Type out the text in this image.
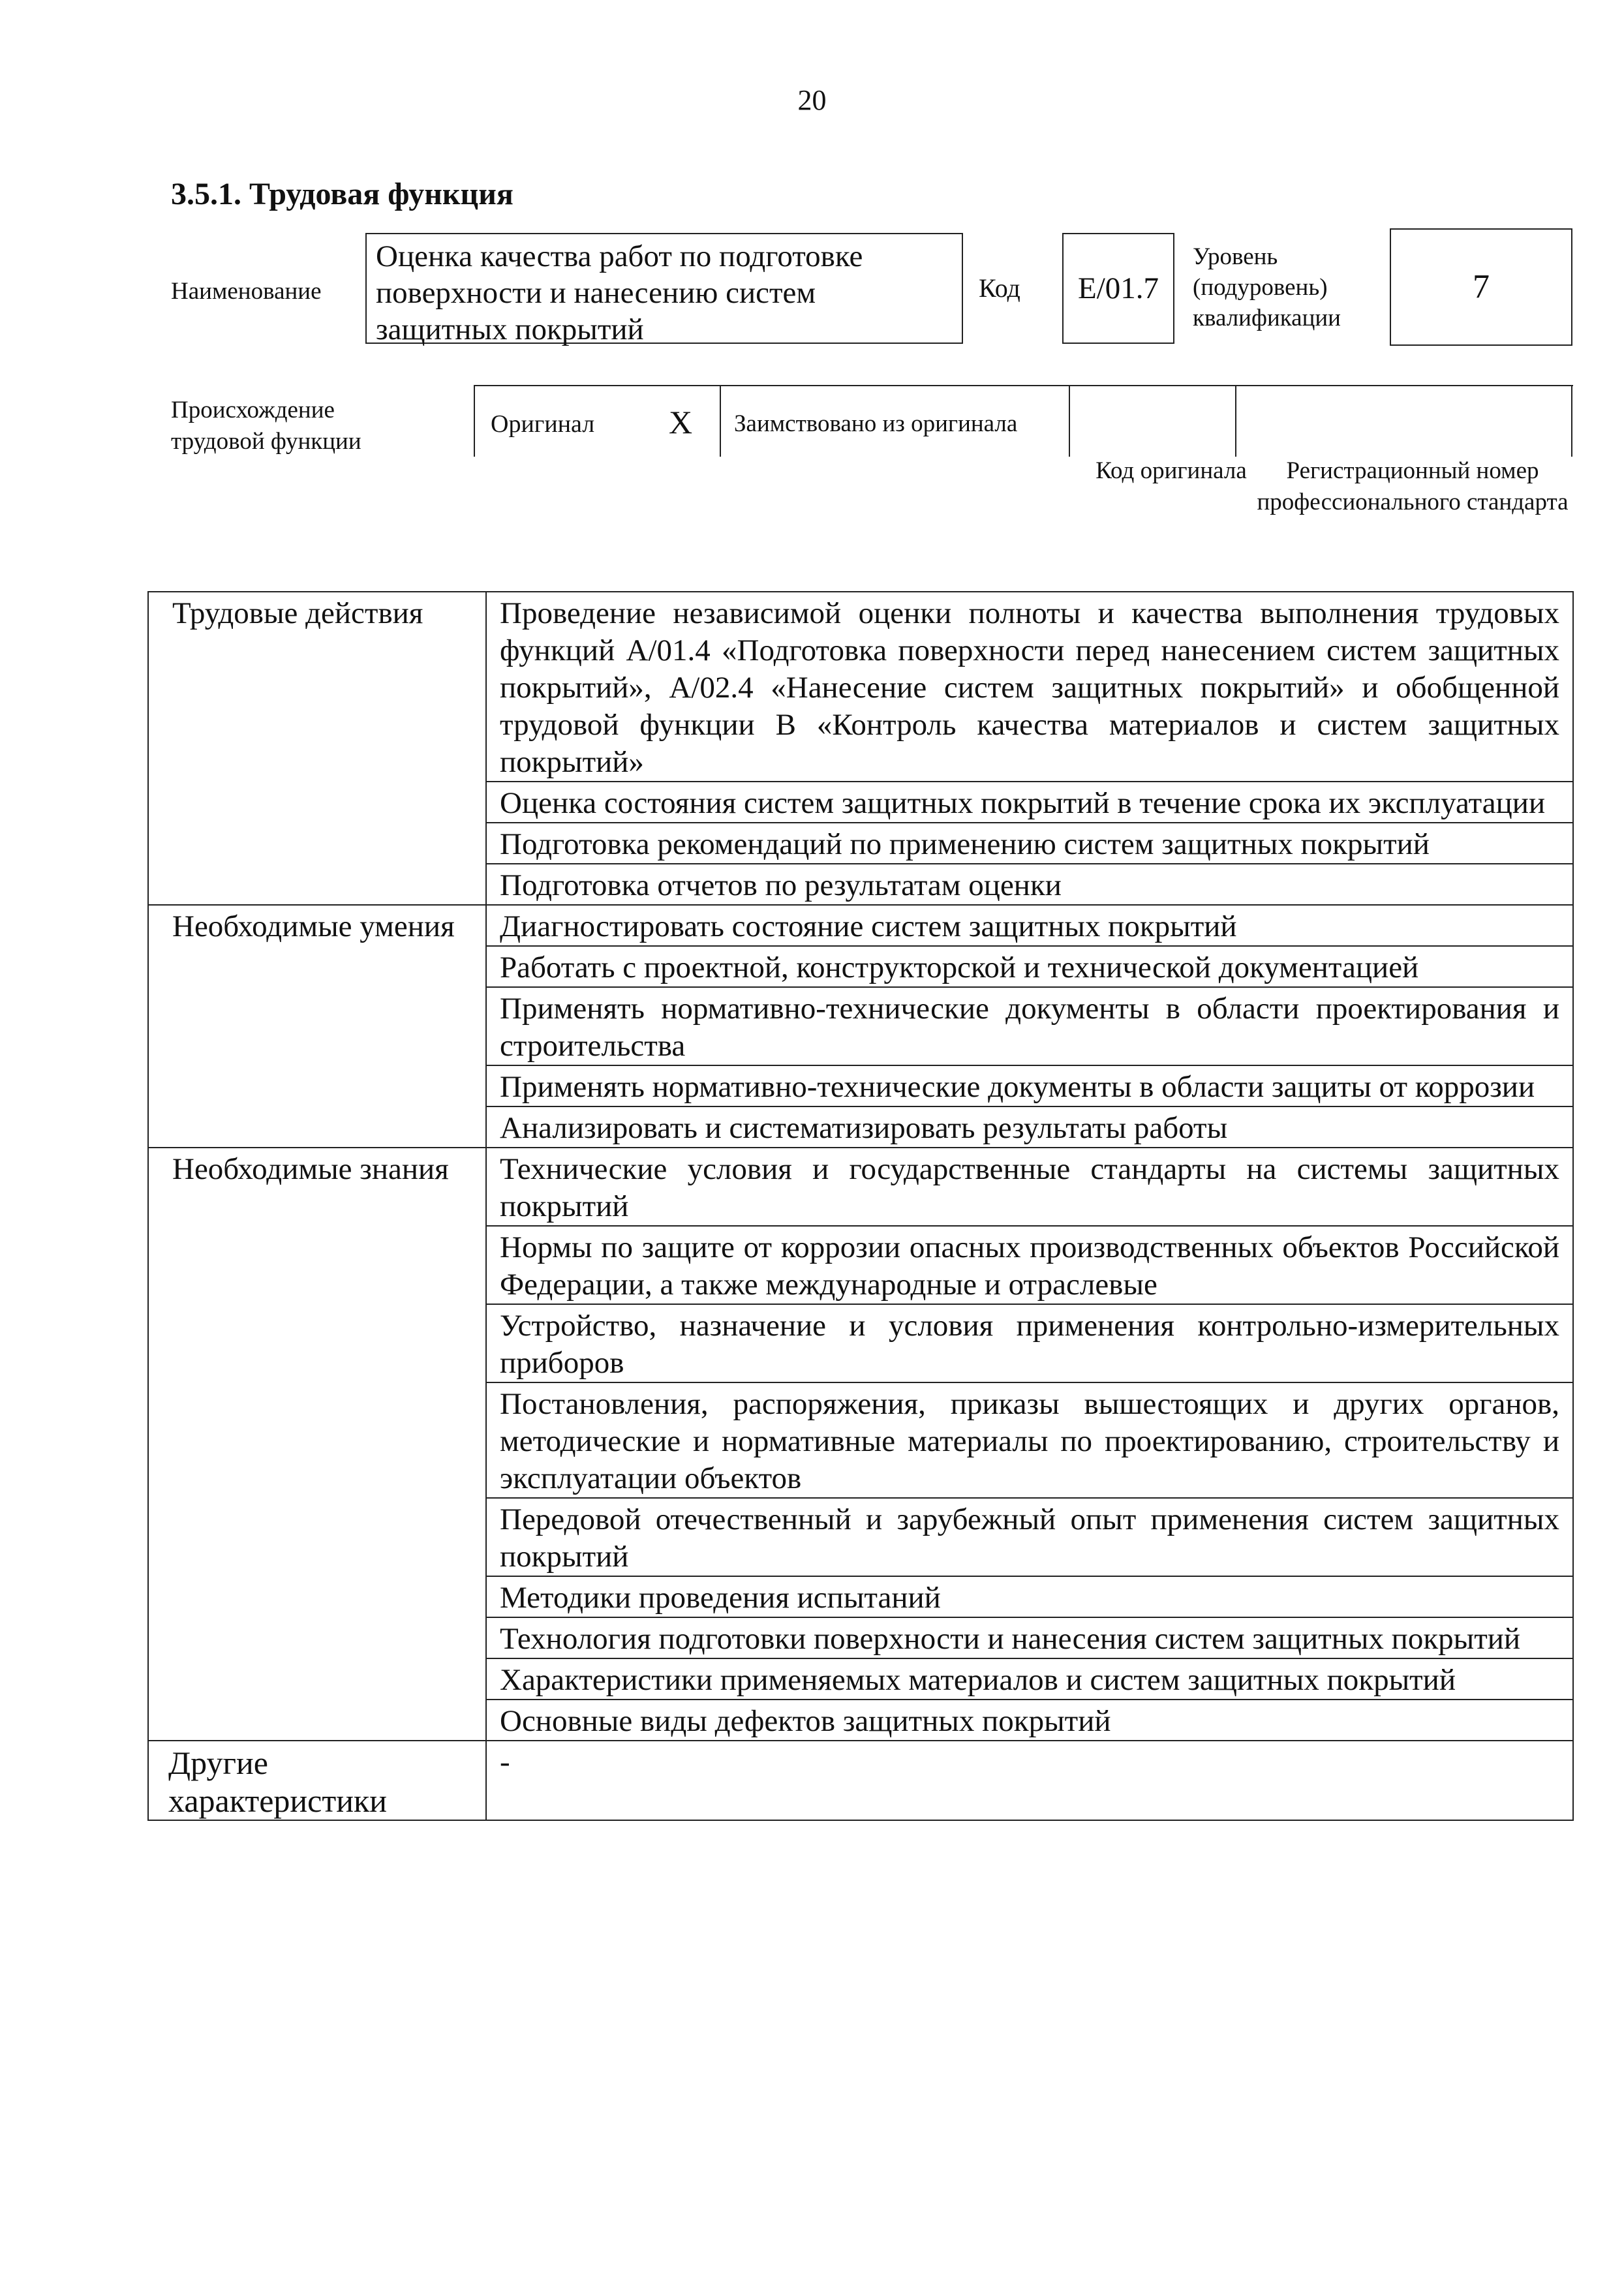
20
3.5.1. Трудовая функция
Наименование
Оценка качества работ по подготовке поверхности и нанесению систем защитных покрытий
Код	E/01.7
Уровень (подуровень) квалификации
7
Происхождение трудовой функции
Оригинал X Заимствовано из оригинала
Код оригинала	Регистрационный номер профессионального стандарта
Трудовые действия	Проведение независимой оценки полноты и качества выполнения трудовых функций A/01.4 «Подготовка поверхности перед нанесением систем защитных покрытий», A/02.4 «Нанесение систем защитных покрытий» и обобщенной трудовой функции B «Контроль качества материалов и систем защитных покрытий»
	Оценка состояния систем защитных покрытий в течение срока их эксплуатации
	Подготовка рекомендаций по применению систем защитных покрытий
	Подготовка отчетов по результатам оценки
Необходимые умения	Диагностировать состояние систем защитных покрытий
	Работать с проектной, конструкторской и технической документацией
	Применять нормативно-технические документы в области проектирования и строительства
	Применять нормативно-технические документы в области защиты от коррозии
	Анализировать и систематизировать результаты работы
Необходимые знания	Технические условия и государственные стандарты на системы защитных покрытий
	Нормы по защите от коррозии опасных производственных объектов Российской Федерации, а также международные и отраслевые
	Устройство, назначение и условия применения контрольно-измерительных приборов
	Постановления, распоряжения, приказы вышестоящих и других органов, методические и нормативные материалы по проектированию, строительству и эксплуатации объектов
	Передовой отечественный и зарубежный опыт применения систем защитных покрытий
	Методики проведения испытаний
	Технология подготовки поверхности и нанесения систем защитных покрытий
	Характеристики применяемых материалов и систем защитных покрытий
	Основные виды дефектов защитных покрытий
Другие характеристики	-
